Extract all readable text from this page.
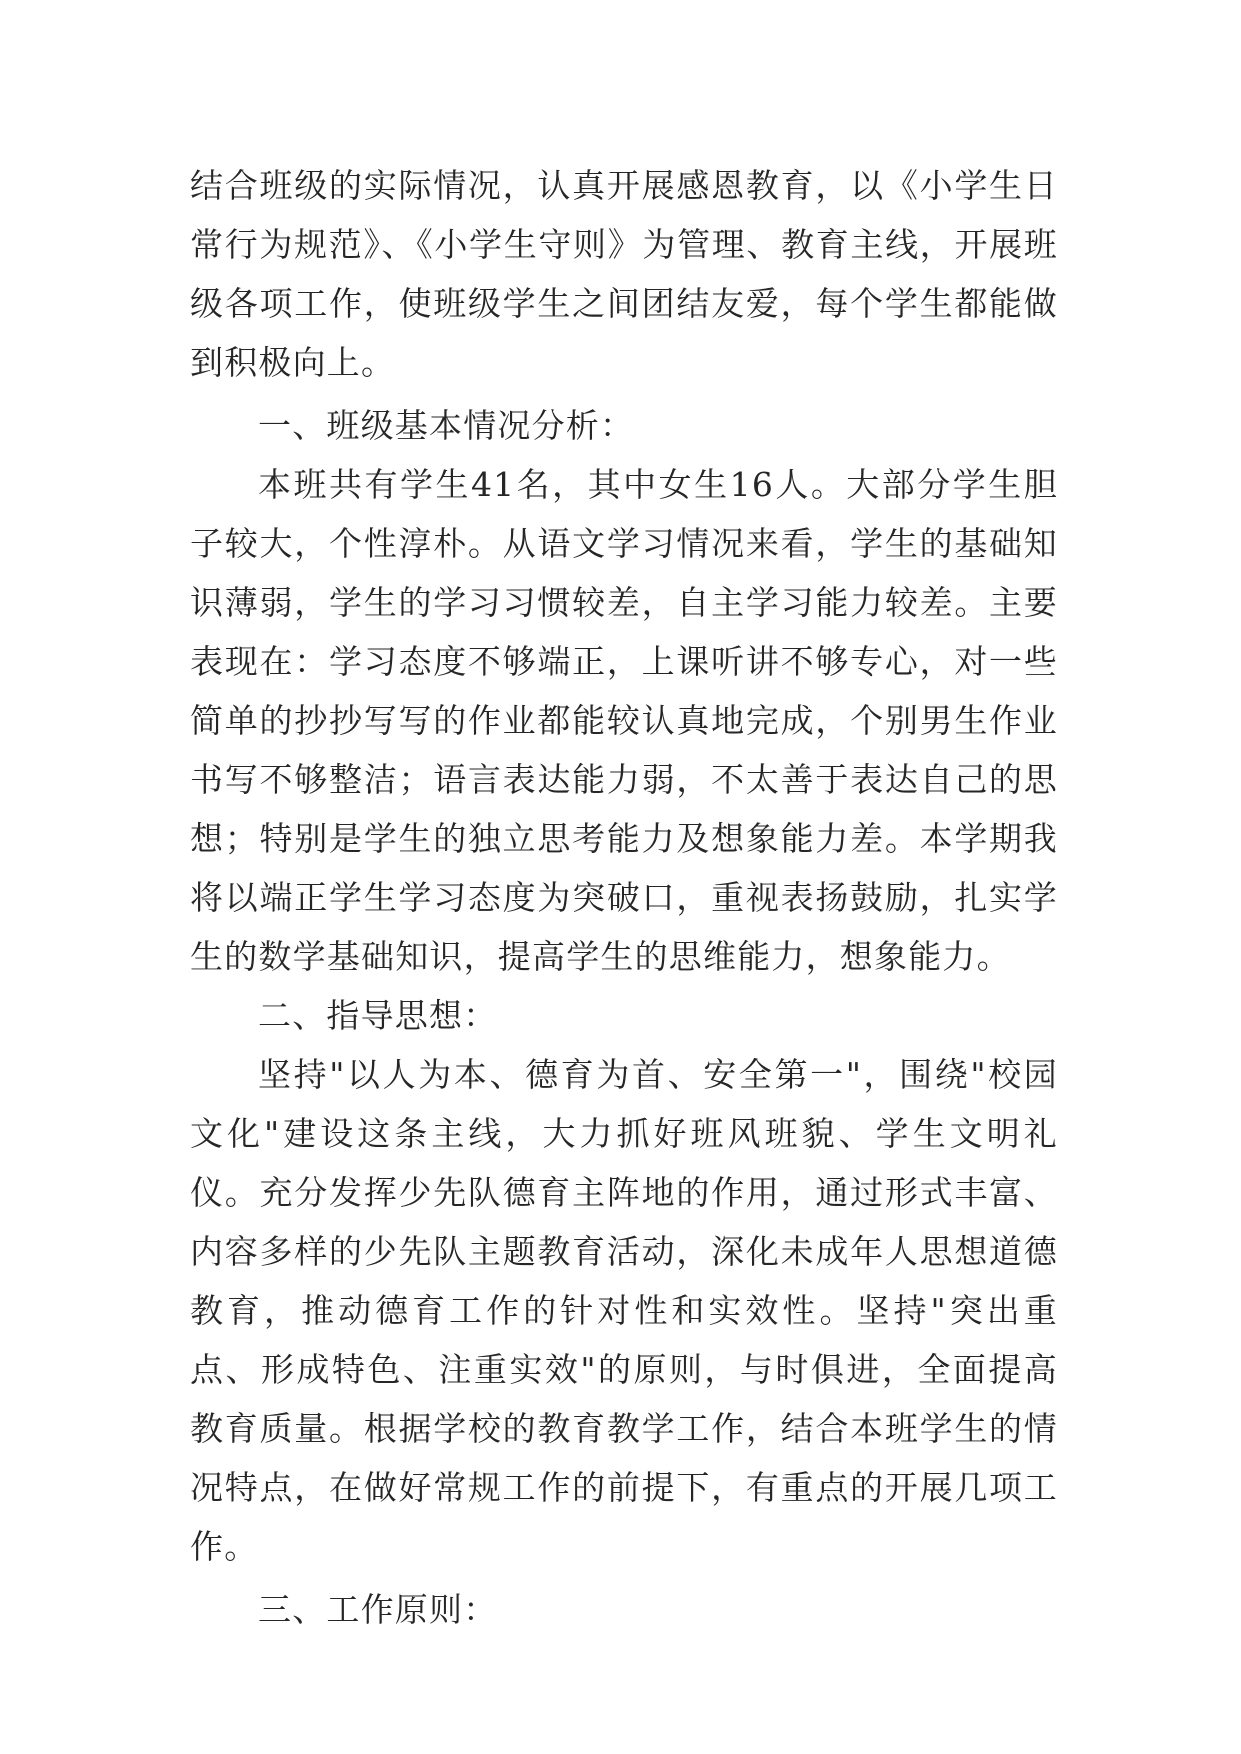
结合班级的实际情况，认真开展感恩教育，以《小学生日常行为规范》、《小学生守则》为管理、教育主线，开展班级各项工作，使班级学生之间团结友爱，每个学生都能做到积极向上。

一、班级基本情况分析：

本班共有学生41名，其中女生16人。大部分学生胆子较大，个性淳朴。从语文学习情况来看，学生的基础知识薄弱，学生的学习习惯较差，自主学习能力较差。主要表现在：学习态度不够端正，上课听讲不够专心，对一些简单的抄抄写写的作业都能较认真地完成，个别男生作业书写不够整洁；语言表达能力弱，不太善于表达自己的思想；特别是学生的独立思考能力及想象能力差。本学期我将以端正学生学习态度为突破口，重视表扬鼓励，扎实学生的数学基础知识，提高学生的思维能力，想象能力。

二、指导思想：

坚持"以人为本、德育为首、安全第一"，围绕"校园文化"建设这条主线，大力抓好班风班貌、学生文明礼仪。充分发挥少先队德育主阵地的作用，通过形式丰富、内容多样的少先队主题教育活动，深化未成年人思想道德教育，推动德育工作的针对性和实效性。坚持"突出重点、形成特色、注重实效"的原则，与时俱进，全面提高教育质量。根据学校的教育教学工作，结合本班学生的情况特点，在做好常规工作的前提下，有重点的开展几项工作。

三、工作原则：
